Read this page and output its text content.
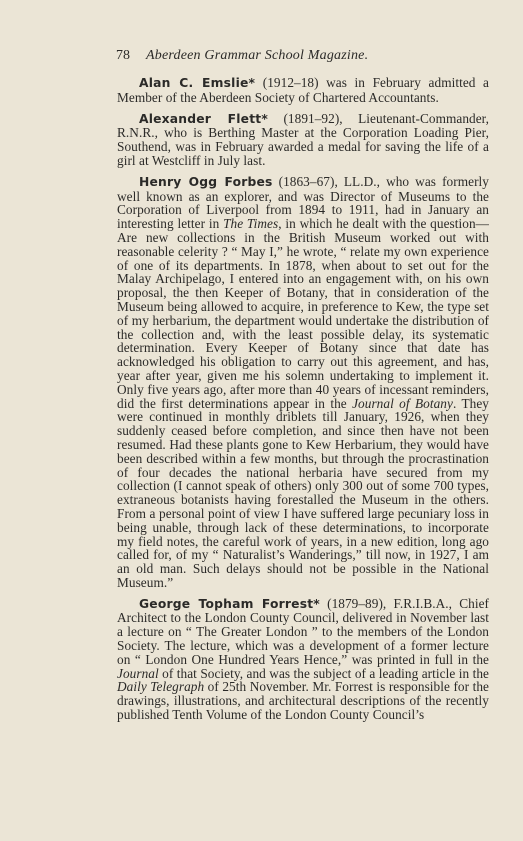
78 Aberdeen Grammar School Magazine.

Alan C. Emslie* (1912–18) was in February admitted a Member of the Aberdeen Society of Chartered Accountants.

Alexander Flett* (1891–92), Lieutenant-Commander, R.N.R., who is Berthing Master at the Corporation Loading Pier, Southend, was in February awarded a medal for saving the life of a girl at Westcliff in July last.

Henry Ogg Forbes (1863–67), LL.D., who was formerly well known as an explorer, and was Director of Museums to the Corporation of Liverpool from 1894 to 1911, had in January an interesting letter in The Times, in which he dealt with the question—Are new collections in the British Museum worked out with reasonable celerity ? “ May I,” he wrote, “ relate my own experience of one of its departments. In 1878, when about to set out for the Malay Archipelago, I entered into an engagement with, on his own proposal, the then Keeper of Botany, that in consideration of the Museum being allowed to acquire, in preference to Kew, the type set of my herbarium, the department would undertake the distribution of the collection and, with the least possible delay, its systematic determination. Every Keeper of Botany since that date has acknowledged his obligation to carry out this agreement, and has, year after year, given me his solemn undertaking to implement it. Only five years ago, after more than 40 years of incessant reminders, did the first determinations appear in the Journal of Botany. They were continued in monthly driblets till January, 1926, when they suddenly ceased before completion, and since then have not been resumed. Had these plants gone to Kew Herbarium, they would have been described within a few months, but through the procrastination of four decades the national herbaria have secured from my collection (I cannot speak of others) only 300 out of some 700 types, extraneous botanists having forestalled the Museum in the others. From a personal point of view I have suffered large pecuniary loss in being unable, through lack of these determinations, to incorporate my field notes, the careful work of years, in a new edition, long ago called for, of my “ Naturalist’s Wanderings,” till now, in 1927, I am an old man. Such delays should not be possible in the National Museum.”

George Topham Forrest* (1879–89), F.R.I.B.A., Chief Architect to the London County Council, delivered in November last a lecture on “ The Greater London ” to the members of the London Society. The lecture, which was a development of a former lecture on “ London One Hundred Years Hence,” was printed in full in the Journal of that Society, and was the subject of a leading article in the Daily Telegraph of 25th November. Mr. Forrest is responsible for the drawings, illustrations, and architectural descriptions of the recently published Tenth Volume of the London County Council’s
